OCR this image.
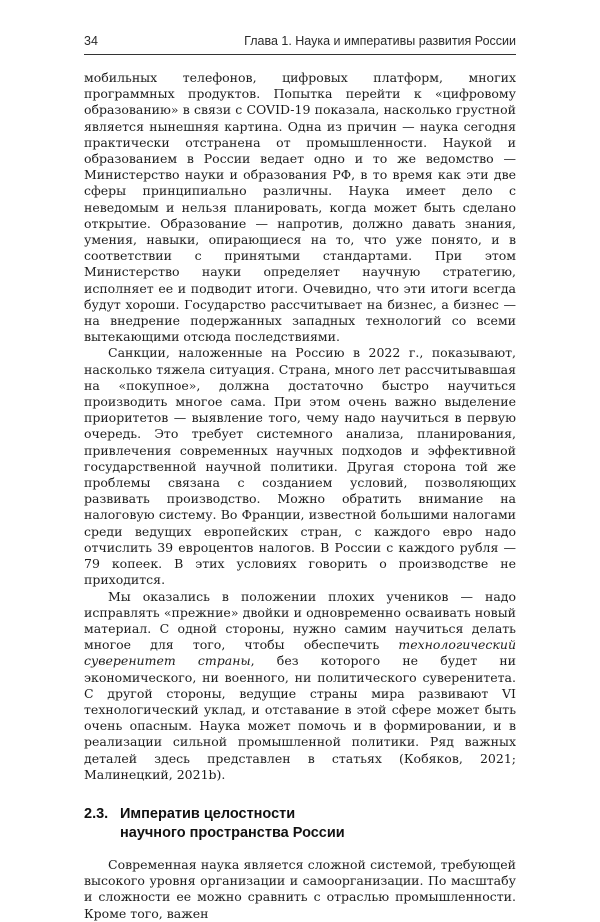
34	Глава 1. Наука и императивы развития России

мобильных телефонов, цифровых платформ, многих программных продуктов. Попытка перейти к «цифровому образованию» в связи с COVID-19 показала, насколько грустной является нынешняя картина. Одна из причин — наука сегодня практически отстранена от промышленности. Наукой и образованием в России ведает одно и то же ведомство — Министерство науки и образования РФ, в то время как эти две сферы принципиально различны. Наука имеет дело с неведомым и нельзя планировать, когда может быть сделано открытие. Образование — напротив, должно давать знания, умения, навыки, опирающиеся на то, что уже понято, и в соответствии с принятыми стандартами. При этом Министерство науки определяет научную стратегию, исполняет ее и подводит итоги. Очевидно, что эти итоги всегда будут хороши. Государство рассчитывает на бизнес, а бизнес — на внедрение подержанных западных технологий со всеми вытекающими отсюда последствиями.

Санкции, наложенные на Россию в 2022 г., показывают, насколько тяжела ситуация. Страна, много лет рассчитывавшая на «покупное», должна достаточно быстро научиться производить многое сама. При этом очень важно выделение приоритетов — выявление того, чему надо научиться в первую очередь. Это требует системного анализа, планирования, привлечения современных научных подходов и эффективной государственной научной политики. Другая сторона той же проблемы связана с созданием условий, позволяющих развивать производство. Можно обратить внимание на налоговую систему. Во Франции, известной большими налогами среди ведущих европейских стран, с каждого евро надо отчислить 39 евроцентов налогов. В России с каждого рубля — 79 копеек. В этих условиях говорить о производстве не приходится.

Мы оказались в положении плохих учеников — надо исправлять «прежние» двойки и одновременно осваивать новый материал. С одной стороны, нужно самим научиться делать многое для того, чтобы обеспечить технологический суверенитет страны, без которого не будет ни экономического, ни военного, ни политического суверенитета. С другой стороны, ведущие страны мира развивают VI технологический уклад, и отставание в этой сфере может быть очень опасным. Наука может помочь и в формировании, и в реализации сильной промышленной политики. Ряд важных деталей здесь представлен в статьях (Кобяков, 2021; Малинецкий, 2021b).

2.3. Императив целостности
научного пространства России

Современная наука является сложной системой, требующей высокого уровня организации и самоорганизации. По масштабу и сложности ее можно сравнить с отраслью промышленности. Кроме того, важен
